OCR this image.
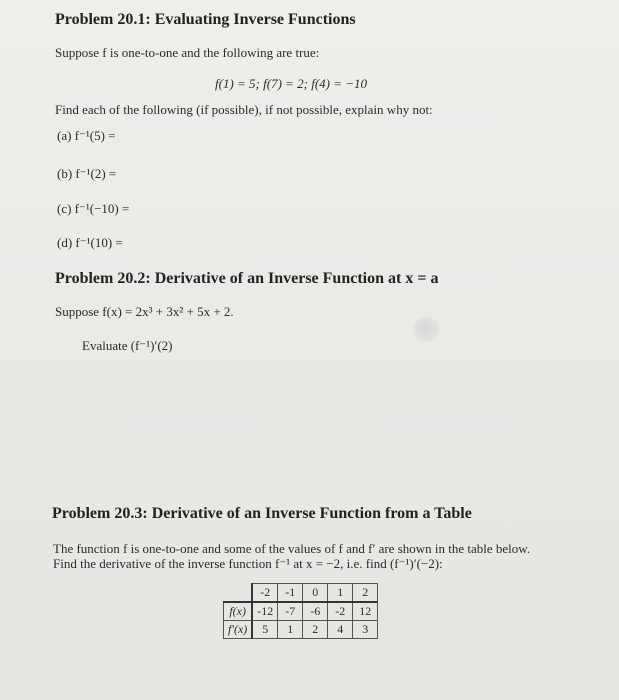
Problem 20.1: Evaluating Inverse Functions
Suppose f is one-to-one and the following are true:
f(1) = 5; f(7) = 2; f(4) = −10
Find each of the following (if possible), if not possible, explain why not:
(a) f⁻¹(5) =
(b) f⁻¹(2) =
(c) f⁻¹(−10) =
(d) f⁻¹(10) =
Problem 20.2: Derivative of an Inverse Function at x = a
Suppose f(x) = 2x³ + 3x² + 5x + 2.
Evaluate (f⁻¹)′(2)
Problem 20.3: Derivative of an Inverse Function from a Table
The function f is one-to-one and some of the values of f and f′ are shown in the table below.
Find the derivative of the inverse function f⁻¹ at x = −2, i.e. find (f⁻¹)′(−2):
	-2	-1	0	1	2
f(x)	-12	-7	-6	-2	12
f′(x)	5	1	2	4	3
